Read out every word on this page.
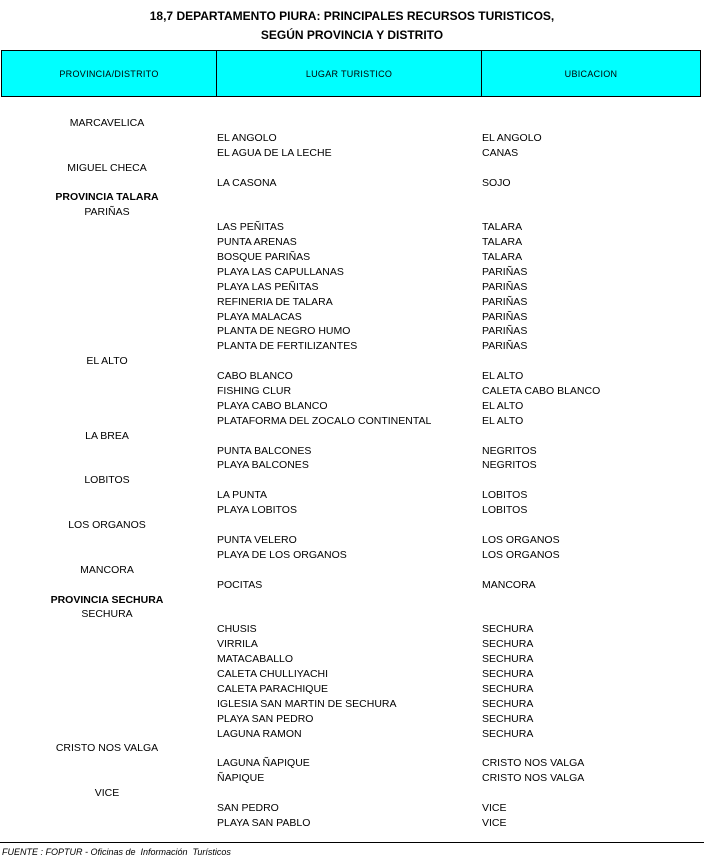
18,7 DEPARTAMENTO PIURA: PRINCIPALES RECURSOS TURISTICOS,
SEGÚN PROVINCIA Y DISTRITO
PROVINCIA/DISTRITO	LUGAR TURISTICO	UBICACION
MARCAVELICA
EL ANGOLO	EL ANGOLO
EL AGUA DE LA LECHE	CANAS
MIGUEL CHECA
LA CASONA	SOJO
PROVINCIA TALARA
PARIÑAS
LAS PEÑITAS	TALARA
PUNTA ARENAS	TALARA
BOSQUE PARIÑAS	TALARA
PLAYA LAS CAPULLANAS	PARIÑAS
PLAYA LAS PEÑITAS	PARIÑAS
REFINERIA DE TALARA	PARIÑAS
PLAYA MALACAS	PARIÑAS
PLANTA DE NEGRO HUMO	PARIÑAS
PLANTA DE FERTILIZANTES	PARIÑAS
EL ALTO
CABO BLANCO	EL ALTO
FISHING CLUR	CALETA CABO BLANCO
PLAYA CABO BLANCO	EL ALTO
PLATAFORMA DEL ZOCALO CONTINENTAL	EL ALTO
LA BREA
PUNTA BALCONES	NEGRITOS
PLAYA BALCONES	NEGRITOS
LOBITOS
LA PUNTA	LOBITOS
PLAYA LOBITOS	LOBITOS
LOS ORGANOS
PUNTA VELERO	LOS ORGANOS
PLAYA DE LOS ORGANOS	LOS ORGANOS
MANCORA
POCITAS	MANCORA
PROVINCIA SECHURA
SECHURA
CHUSIS	SECHURA
VIRRILA	SECHURA
MATACABALLO	SECHURA
CALETA CHULLIYACHI	SECHURA
CALETA PARACHIQUE	SECHURA
IGLESIA SAN MARTIN DE SECHURA	SECHURA
PLAYA SAN PEDRO	SECHURA
LAGUNA RAMON	SECHURA
CRISTO NOS VALGA
LAGUNA ÑAPIQUE	CRISTO NOS VALGA
ÑAPIQUE	CRISTO NOS VALGA
VICE
SAN PEDRO	VICE
PLAYA SAN PABLO	VICE
FUENTE : FOPTUR - Oficinas de  Información  Turísticos
